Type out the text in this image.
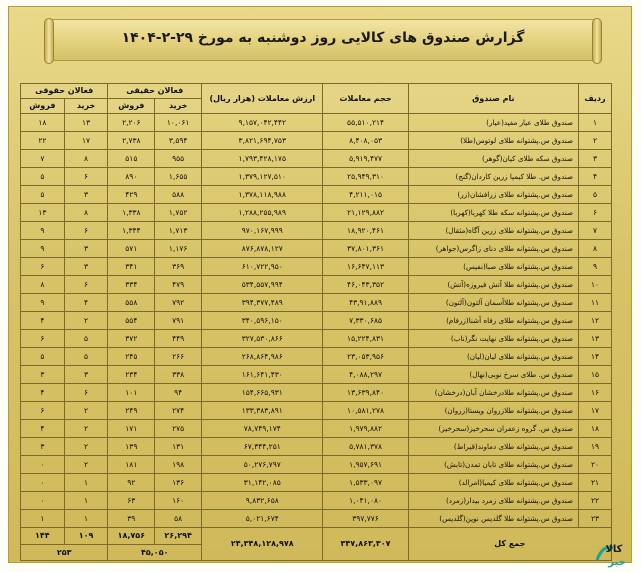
گزارش صندوق های کالایی روز دوشنبه به مورخ ۲۹-۲-۱۴۰۴
ردیف	نام صندوق	حجم معاملات	ارزش معاملات (هزار ریال)	فعالان حقیقی		فعالان حقوقی	
				خرید	فروش	خرید	فروش
۱	صندوق طلای عیار مفید(عیار)	۵۵,۵۱۰,۲۱۴	۹,۱۵۷,۰۴۲,۴۴۲	۱۰,۰۶۱	۲,۲۰۶	۱۳	۱۸
۲	صندوق س.پشتوانه طلای لوتوس(طلا)	۸,۴۰۸,۰۵۳	۳,۸۲۱,۶۹۴,۷۵۳	۳,۵۹۴	۲,۷۳۸	۱۷	۲۲
۳	صندوق سکه طلای کیان(گوهر)	۵,۹۱۹,۴۷۷	۱,۷۹۳,۴۲۸,۱۷۵	۹۵۵	۵۱۵	۸	۷
۴	صندوق س. طلا کیمیا زرین کاردان(گنج)	۲۵,۹۴۹,۳۱۰	۱,۳۷۹,۱۲۷,۵۱۰	۱,۶۵۵	۸۹۰	۶	۵
۵	صندوق س.پشتوانه طلای زرافشان(زر)	۴,۲۱۱,۰۱۵	۱,۳۷۸,۱۱۸,۹۸۸	۵۸۸	۴۲۹	۳	۵
۶	صندوق س.پشتوانه سکه طلا کهربا(کهربا)	۲۱,۱۲۹,۸۸۲	۱,۲۸۸,۲۵۵,۹۸۹	۱,۷۵۲	۱,۳۳۸	۸	۱۳
۷	صندوق س.پشتوانه طلای زرین آگاه(مثقال)	۱۸,۹۲۰,۴۶۱	۹۷۰,۱۶۷,۹۹۹	۱,۷۱۳	۱,۳۴۴	۶	۹
۸	صندوق س.پشتوانه طلای دنای زاگرس(جواهر)	۳۷,۸۰۱,۳۶۱	۸۷۶,۸۷۸,۱۲۷	۱,۱۷۶	۵۷۱	۳	۹
۹	صندوق س.پشتوانه طلای صبا(نفیس)	۱۶,۶۴۷,۱۱۳	۶۱۰,۷۲۲,۹۵۰	۳۶۹	۳۴۱	۳	۶
۱۰	صندوق س.پشتوانه طلا آتش فیروزه(آتش)	۴۶,۰۴۳,۳۵۲	۵۳۴,۵۵۷,۹۹۴	۴۷۹	۳۳۴	۶	۸
۱۱	صندوق س.پشتوانه طلاآسمان آلتون(آلتون)	۴۳,۹۱,۸۸۹	۳۹۴,۳۷۷,۴۸۹	۷۹۲	۵۵۸	۴	۹
۱۲	صندوق س.پشتوانه طلای رفاه آشنا(زرفام)	۷,۳۳۰,۶۸۵	۳۴۰,۵۹۶,۱۵۰	۷۹۱	۵۵۴	۲	۴
۱۳	صندوق س.پشتوانه طلای نهایت نگر(ناب)	۱۵,۲۲۴,۸۳۱	۳۲۷,۵۳۰,۸۶۶	۴۴۹	۳۷۲	۵	۶
۱۴	صندوق س.پشتوانه طلای لیان(لیان)	۲۳,۰۵۳,۹۵۶	۲۶۸,۸۶۴,۹۸۶	۲۶۶	۲۴۵	۵	۵
۱۵	صندوق س. طلای سرخ نوبی(نهال)	۴,۰۸۸,۲۹۷	۱۶۱,۶۴۱,۴۳۰	۳۳۸	۲۳۴	۳	۳
۱۶	صندوق س.پشتوانه طلادرخشان آبان(درخشان)	۱۳,۶۳۹,۸۴۰	۱۵۴,۶۶۵,۹۳۱	۹۴	۱۰۱	۶	۴
۱۷	صندوق س.پشتوانه طلازروان ویستا(زروان)	۱۰,۵۸۱,۲۷۸	۱۳۳,۳۸۳,۸۹۱	۲۷۴	۲۴۹	۲	۶
۱۸	صندوق س. گروه زعفران سحرخیز(سحرخیز)	۱,۹۷۹,۸۸۲	۷۸,۷۴۹,۱۷۴	۲۷۵	۱۷۱	۲	۴
۱۹	صندوق س.پشتوانه طلای دماوند(قیراط)	۵,۷۸۱,۳۷۸	۶۷,۳۴۴,۲۵۱	۱۳۱	۱۳۹	۲	۳
۲۰	صندوق س.پشتوانه طلای تابان تمدن(تابش)	۱,۹۵۷,۶۹۱	۵۰,۲۷۶,۷۹۷	۱۹۸	۱۸۱	۲	۰
۲۱	صندوق س.پشتوانه طلای کیمیا(امرالد)	۱,۵۳۳,۰۹۷	۳۱,۱۴۲,۰۸۵	۱۳۶	۹۲	۱	۰
۲۲	صندوق س.پشتوانه طلای زمرد بیدار(زمرد)	۱,۰۴۱,۰۸۰	۹,۸۳۲,۶۵۸	۱۶۰	۶۳	۱	۰
۲۳	صندوق س.پشتوانه طلا گلدیس نوین(گلدیس)	۳۹۷,۷۷۶	۵,۰۲۱,۶۷۴	۵۸	۳۹	۱	۱
جمع کل		۳۴۷,۸۶۳,۳۰۷	۲۴,۳۴۸,۱۲۸,۹۷۸	۲۶,۲۹۴	۱۸,۷۵۶	۱۰۹	۱۴۴
				۴۵,۰۵۰		۲۵۳		کالا
خبر
